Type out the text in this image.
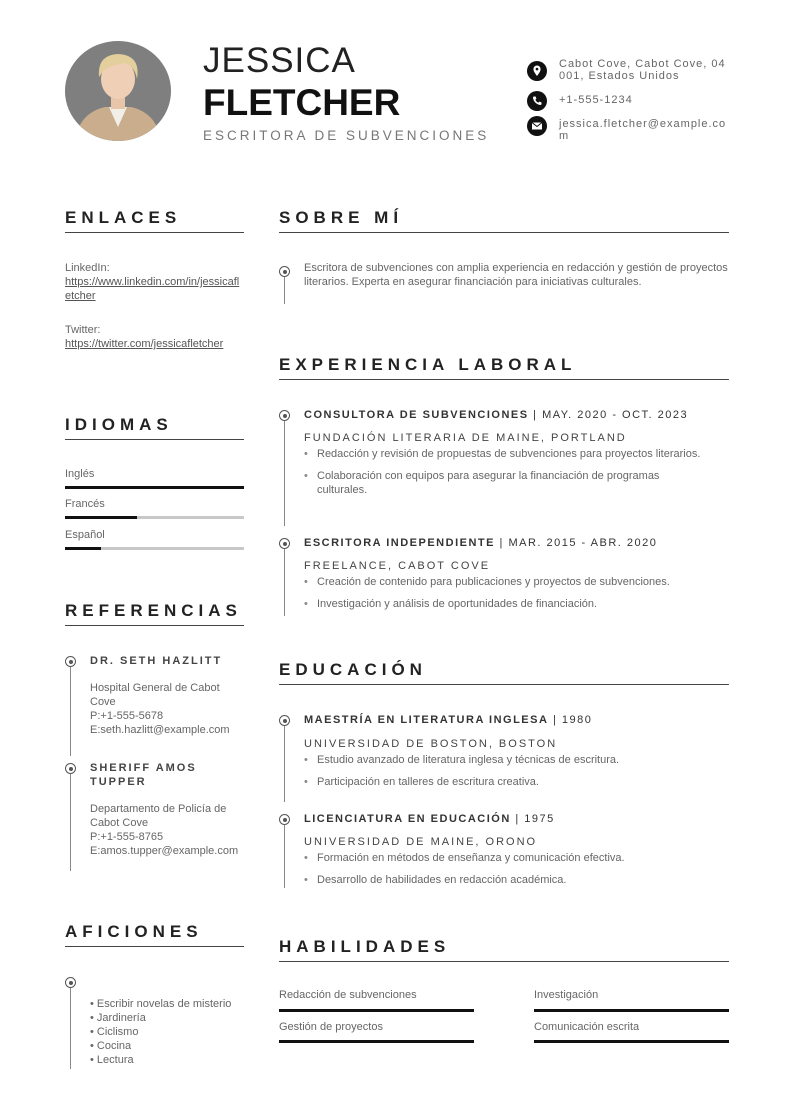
JESSICA
FLETCHER
ESCRITORA DE SUBVENCIONES
Cabot Cove, Cabot Cove, 04001, Estados Unidos
+1-555-1234
jessica.fletcher@example.com
ENLACES
LinkedIn:
https://www.linkedin.com/in/jessicafletcher
Twitter:
https://twitter.com/jessicafletcher
IDIOMAS
Inglés
Francés
Español
REFERENCIAS
DR. SETH HAZLITT
Hospital General de Cabot Cove
P:+1-555-5678
E:seth.hazlitt@example.com
SHERIFF AMOS TUPPER
Departamento de Policía de Cabot Cove
P:+1-555-8765
E:amos.tupper@example.com
AFICIONES
• Escribir novelas de misterio
• Jardinería
• Ciclismo
• Cocina
• Lectura
SOBRE MÍ
Escritora de subvenciones con amplia experiencia en redacción y gestión de proyectos literarios. Experta en asegurar financiación para iniciativas culturales.
EXPERIENCIA LABORAL
CONSULTORA DE SUBVENCIONES | MAY. 2020 - OCT. 2023
FUNDACIÓN LITERARIA DE MAINE, PORTLAND
• Redacción y revisión de propuestas de subvenciones para proyectos literarios.
• Colaboración con equipos para asegurar la financiación de programas culturales.
ESCRITORA INDEPENDIENTE | MAR. 2015 - ABR. 2020
FREELANCE, CABOT COVE
• Creación de contenido para publicaciones y proyectos de subvenciones.
• Investigación y análisis de oportunidades de financiación.
EDUCACIÓN
MAESTRÍA EN LITERATURA INGLESA | 1980
UNIVERSIDAD DE BOSTON, BOSTON
• Estudio avanzado de literatura inglesa y técnicas de escritura.
• Participación en talleres de escritura creativa.
LICENCIATURA EN EDUCACIÓN | 1975
UNIVERSIDAD DE MAINE, ORONO
• Formación en métodos de enseñanza y comunicación efectiva.
• Desarrollo de habilidades en redacción académica.
HABILIDADES
Redacción de subvenciones	Investigación
Gestión de proyectos	Comunicación escrita
